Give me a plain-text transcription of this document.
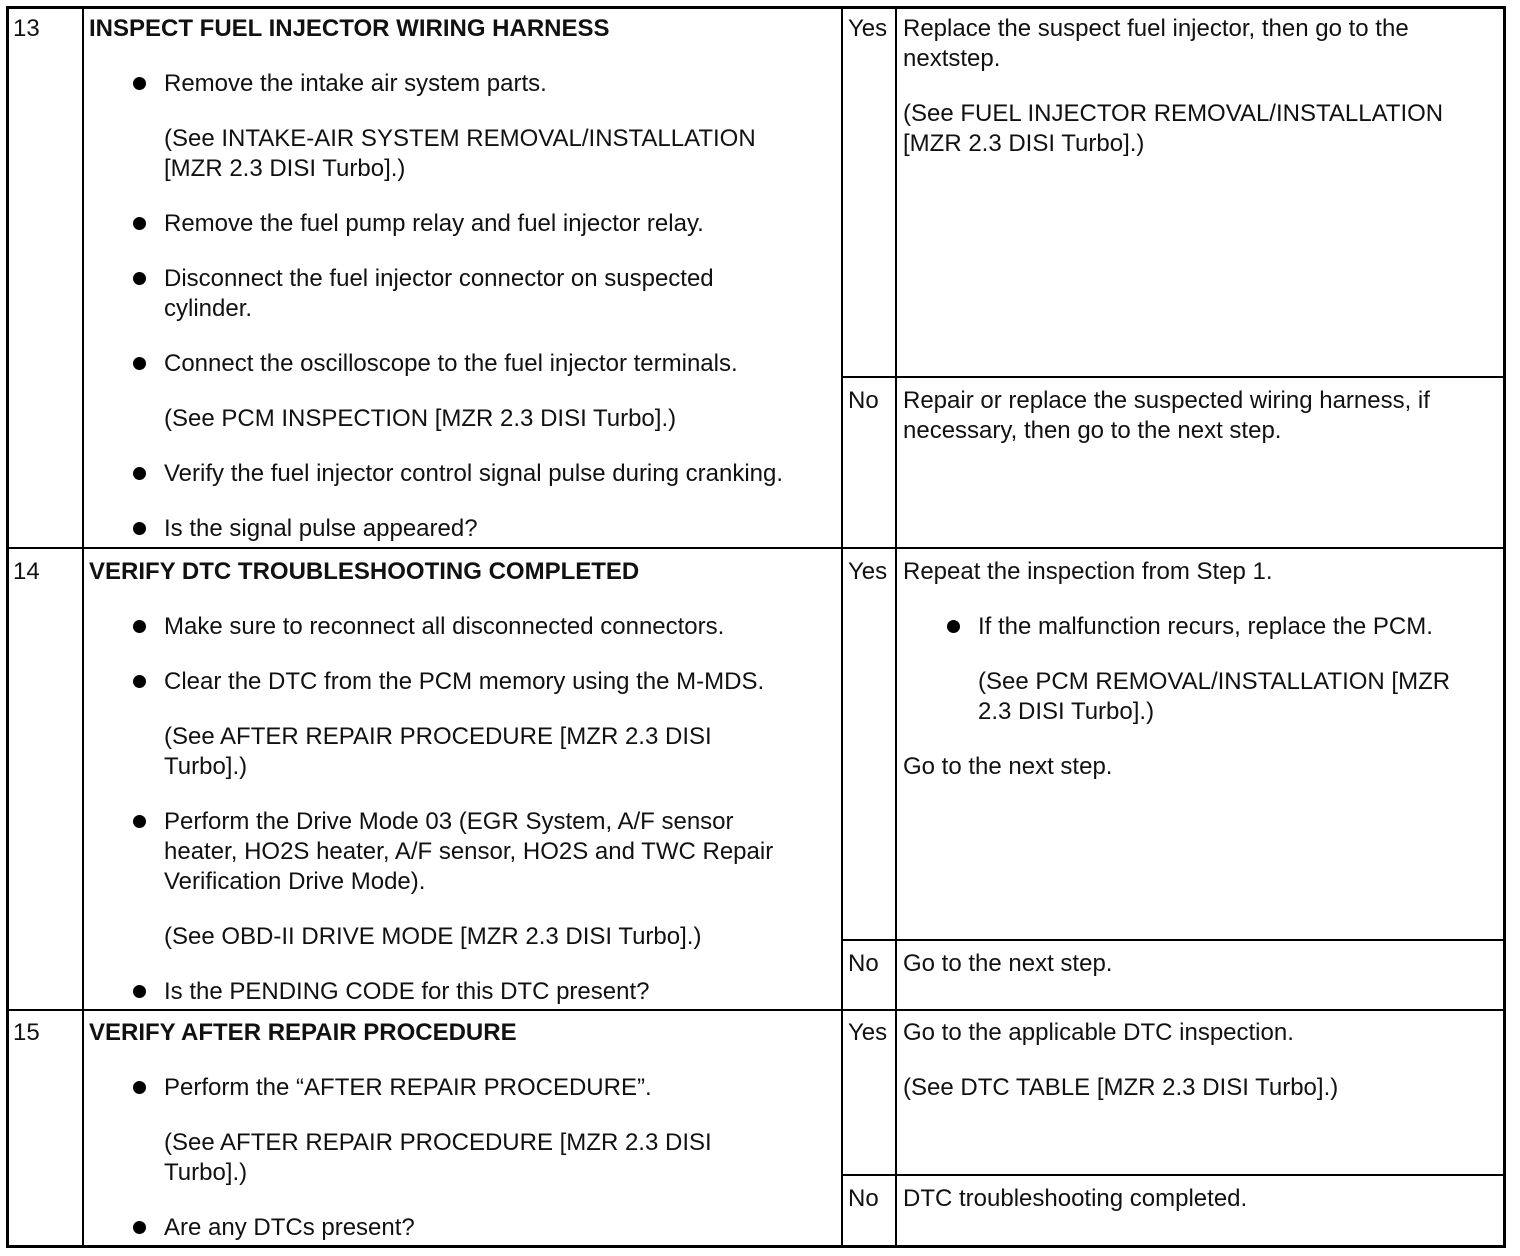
13 INSPECT FUEL INJECTOR WIRING HARNESS
Remove the intake air system parts.
(See INTAKE-AIR SYSTEM REMOVAL/INSTALLATION
[MZR 2.3 DISI Turbo].)
Remove the fuel pump relay and fuel injector relay.
Disconnect the fuel injector connector on suspected
cylinder.
Connect the oscilloscope to the fuel injector terminals.
(See PCM INSPECTION [MZR 2.3 DISI Turbo].)
Verify the fuel injector control signal pulse during cranking.
Is the signal pulse appeared?
Yes Replace the suspect fuel injector, then go to the
nextstep.
(See FUEL INJECTOR REMOVAL/INSTALLATION
[MZR 2.3 DISI Turbo].)
No Repair or replace the suspected wiring harness, if
necessary, then go to the next step.
14 VERIFY DTC TROUBLESHOOTING COMPLETED
Make sure to reconnect all disconnected connectors.
Clear the DTC from the PCM memory using the M-MDS.
(See AFTER REPAIR PROCEDURE [MZR 2.3 DISI
Turbo].)
Perform the Drive Mode 03 (EGR System, A/F sensor
heater, HO2S heater, A/F sensor, HO2S and TWC Repair
Verification Drive Mode).
(See OBD-II DRIVE MODE [MZR 2.3 DISI Turbo].)
Is the PENDING CODE for this DTC present?
Yes Repeat the inspection from Step 1.
If the malfunction recurs, replace the PCM.
(See PCM REMOVAL/INSTALLATION [MZR
2.3 DISI Turbo].)
Go to the next step.
No Go to the next step.
15 VERIFY AFTER REPAIR PROCEDURE
Perform the “AFTER REPAIR PROCEDURE”.
(See AFTER REPAIR PROCEDURE [MZR 2.3 DISI
Turbo].)
Are any DTCs present?
Yes Go to the applicable DTC inspection.
(See DTC TABLE [MZR 2.3 DISI Turbo].)
No DTC troubleshooting completed.
